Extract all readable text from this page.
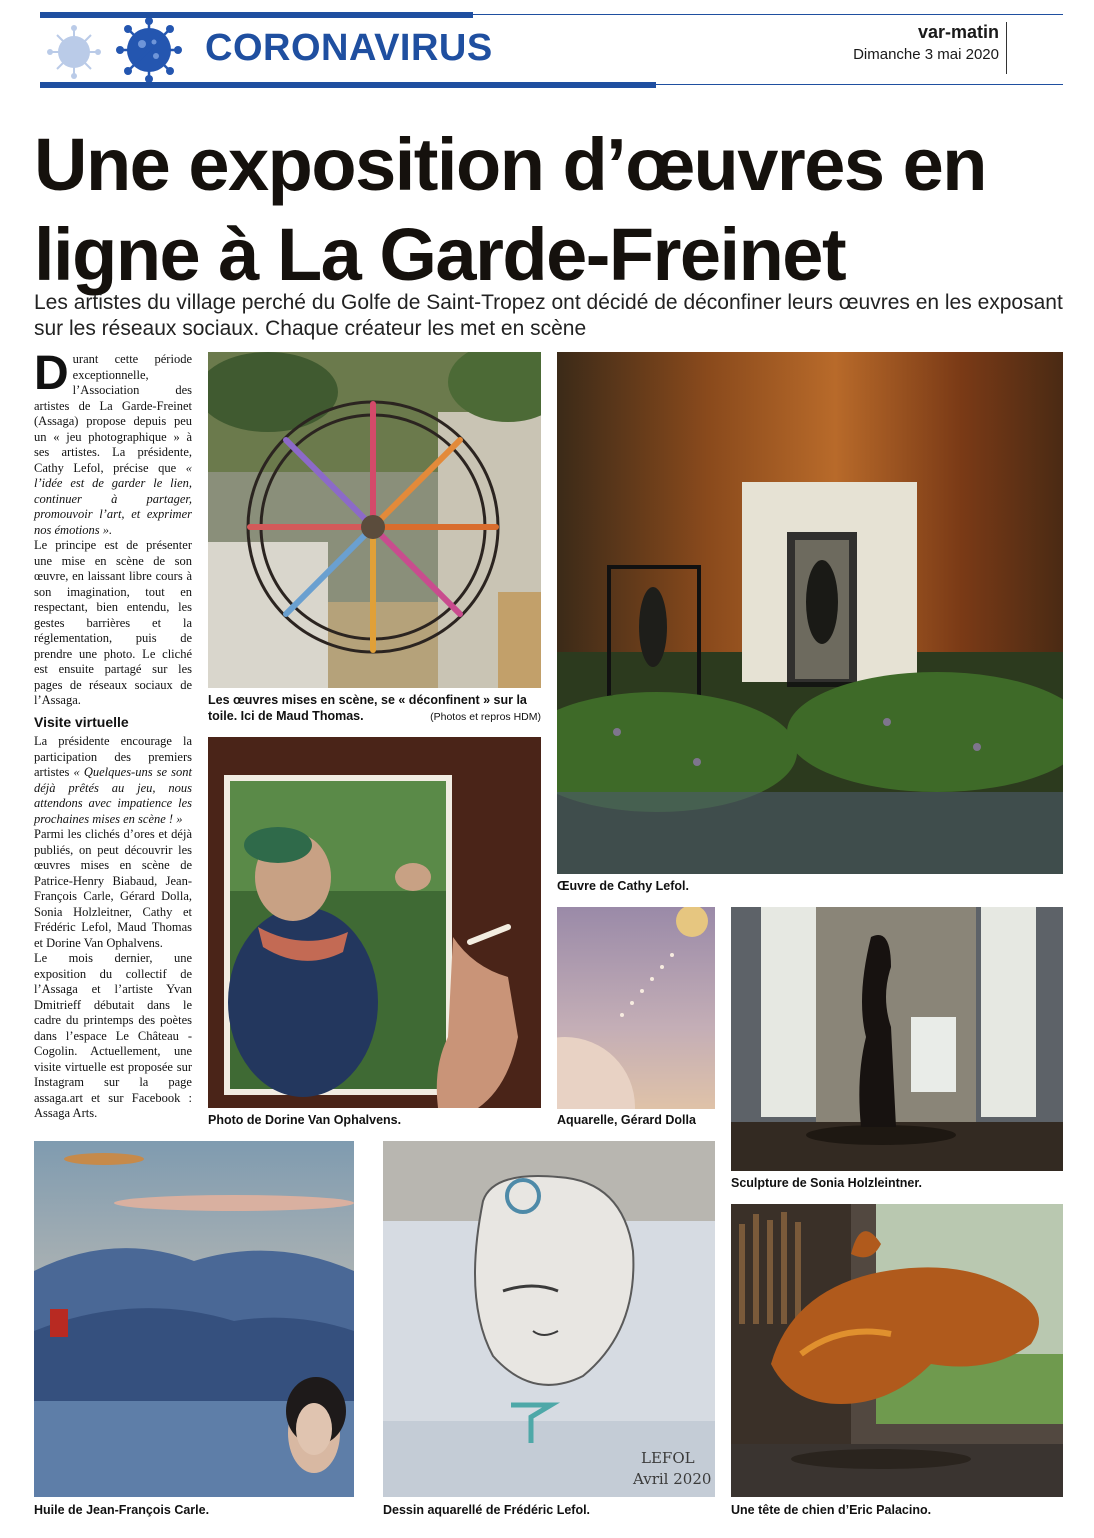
CORONAVIRUS	var-matin
Dimanche 3 mai 2020
Une exposition d’œuvres en ligne à La Garde-Freinet
Les artistes du village perché du Golfe de Saint-Tropez ont décidé de déconfiner leurs œuvres en les exposant sur les réseaux sociaux. Chaque créateur les met en scène

Durant cette période exceptionnelle, l’Association des artistes de La Garde-Freinet (Assaga) propose depuis peu un « jeu photographique » à ses artistes. La présidente, Cathy Lefol, précise que « l’idée est de garder le lien, continuer à partager, promouvoir l’art, et exprimer nos émotions ».

Le principe est de présenter une mise en scène de son œuvre, en laissant libre cours à son imagination, tout en respectant, bien entendu, les gestes barrières et la réglementation, puis de prendre une photo. Le cliché est ensuite partagé sur les pages de réseaux sociaux de l’Assaga.

Visite virtuelle

La présidente encourage la participation des premiers artistes « Quelques-uns se sont déjà prêtés au jeu, nous attendons avec impatience les prochaines mises en scène ! »

Parmi les clichés d’ores et déjà publiés, on peut découvrir les œuvres mises en scène de Patrice-Henry Biabaud, Jean-François Carle, Gérard Dolla, Sonia Holzleitner, Cathy et Frédéric Lefol, Maud Thomas et Dorine Van Ophalvens.

Le mois dernier, une exposition du collectif de l’Assaga et l’artiste Yvan Dmitrieff débutait dans le cadre du printemps des poètes dans l’espace Le Château - Cogolin. Actuellement, une visite virtuelle est proposée sur Instagram sur la page assaga.art et sur Facebook : Assaga Arts.

Les œuvres mises en scène, se « déconfinent » sur la toile. Ici de Maud Thomas.	(Photos et repros HDM)
Œuvre de Cathy Lefol.
Photo de Dorine Van Ophalvens.	Aquarelle, Gérard Dolla
Sculpture de Sonia Holzleintner.
Huile de Jean-François Carle.
LEFOL
Avril 2020
Dessin aquarellé de Frédéric Lefol.	Une tête de chien d’Eric Palacino.
